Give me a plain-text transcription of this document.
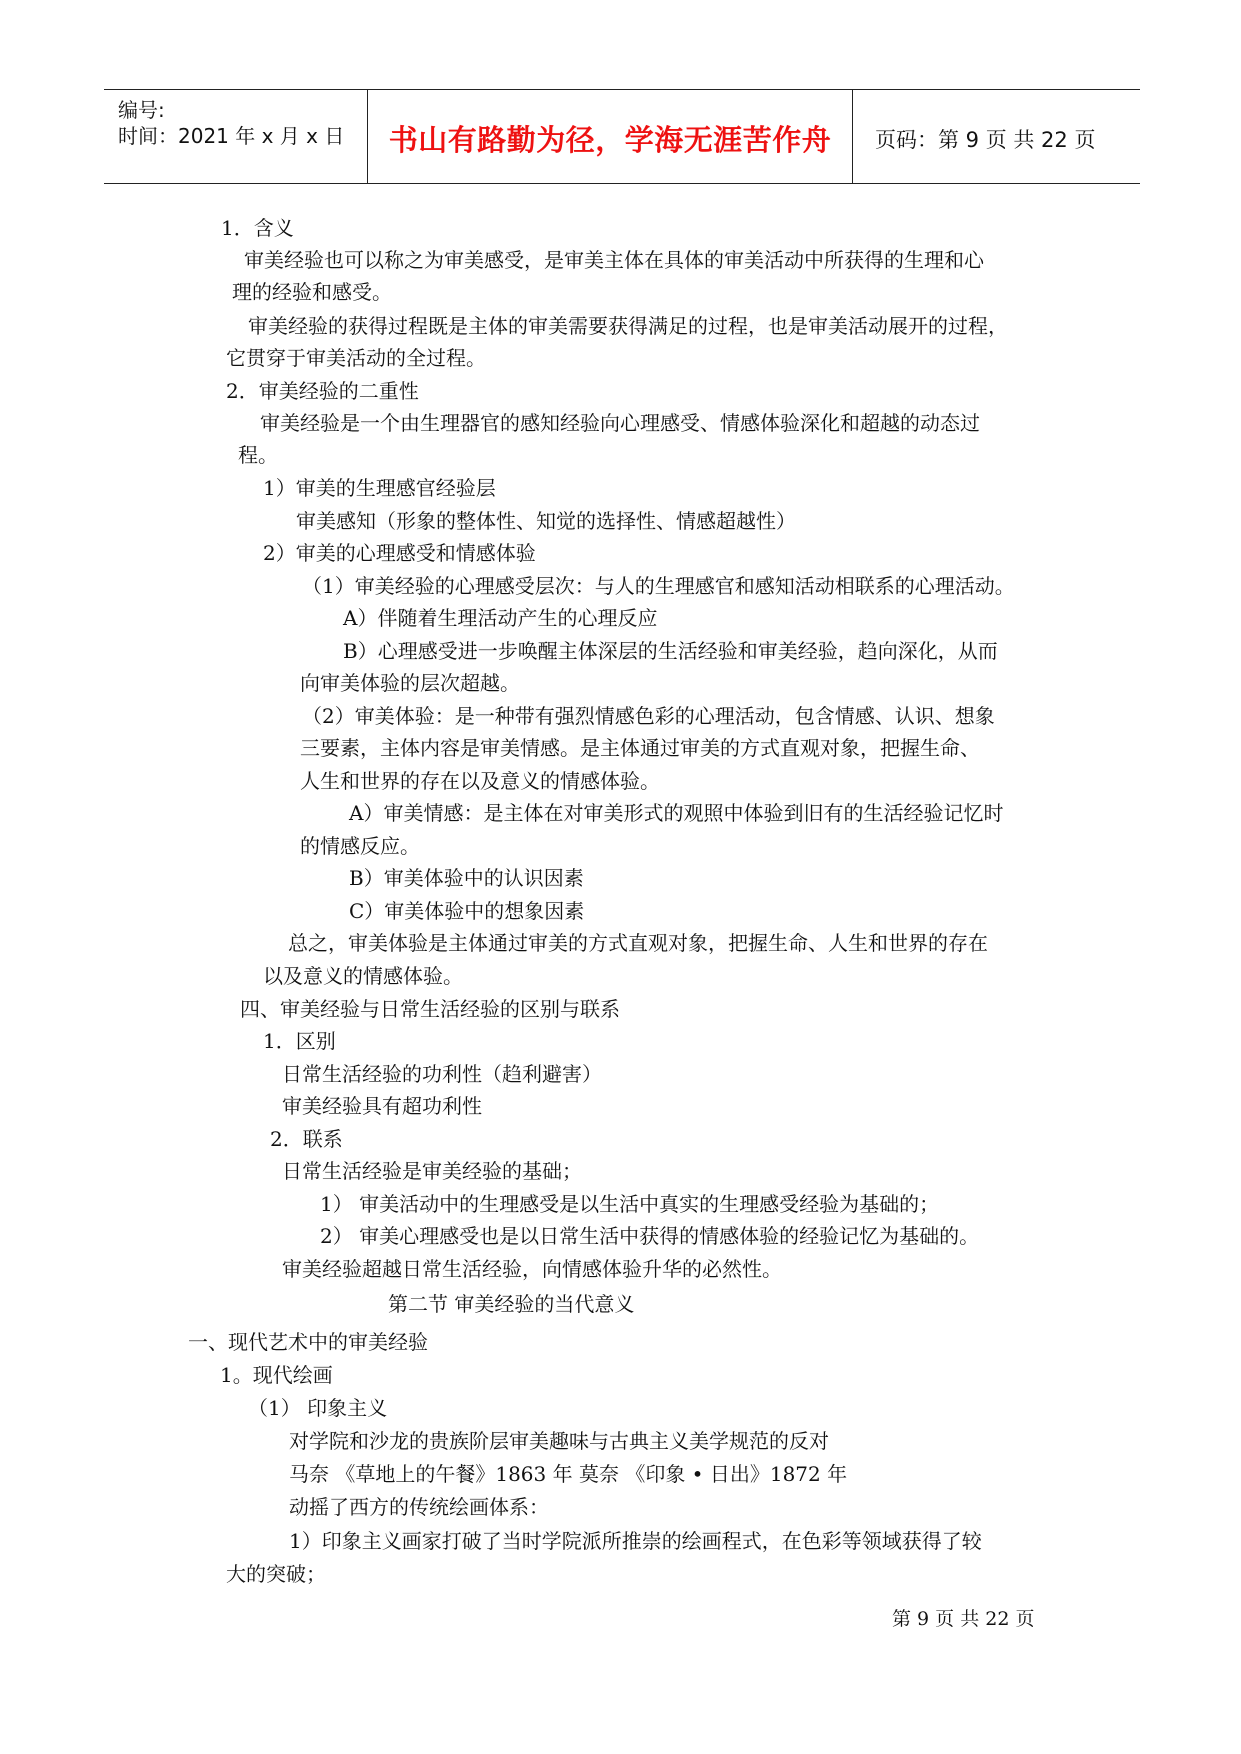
编号:
时间：2021 年 x 月 x 日	书山有路勤为径，学海无涯苦作舟	页码：第 9 页 共 22 页
1．含义
审美经验也可以称之为审美感受，是审美主体在具体的审美活动中所获得的生理和心
理的经验和感受。
审美经验的获得过程既是主体的审美需要获得满足的过程，也是审美活动展开的过程，
它贯穿于审美活动的全过程。
2．审美经验的二重性
审美经验是一个由生理器官的感知经验向心理感受、情感体验深化和超越的动态过
程。
1）审美的生理感官经验层
审美感知（形象的整体性、知觉的选择性、情感超越性）
2）审美的心理感受和情感体验
（1）审美经验的心理感受层次：与人的生理感官和感知活动相联系的心理活动。
A）伴随着生理活动产生的心理反应
B）心理感受进一步唤醒主体深层的生活经验和审美经验，趋向深化，从而
向审美体验的层次超越。
（2）审美体验：是一种带有强烈情感色彩的心理活动，包含情感、认识、想象
三要素，主体内容是审美情感。是主体通过审美的方式直观对象，把握生命、
人生和世界的存在以及意义的情感体验。
A）审美情感：是主体在对审美形式的观照中体验到旧有的生活经验记忆时
的情感反应。
B）审美体验中的认识因素
C）审美体验中的想象因素
总之，审美体验是主体通过审美的方式直观对象，把握生命、人生和世界的存在
以及意义的情感体验。
四、审美经验与日常生活经验的区别与联系
1．区别
日常生活经验的功利性（趋利避害）
审美经验具有超功利性
2．联系
日常生活经验是审美经验的基础；
1） 审美活动中的生理感受是以生活中真实的生理感受经验为基础的；
2） 审美心理感受也是以日常生活中获得的情感体验的经验记忆为基础的。
审美经验超越日常生活经验，向情感体验升华的必然性。
第二节 审美经验的当代意义
一、现代艺术中的审美经验
1。现代绘画
（1） 印象主义
对学院和沙龙的贵族阶层审美趣味与古典主义美学规范的反对
马奈 《草地上的午餐》1863 年 莫奈 《印象 • 日出》1872 年
动摇了西方的传统绘画体系：
1）印象主义画家打破了当时学院派所推崇的绘画程式，在色彩等领域获得了较
大的突破；
第 9 页 共 22 页
